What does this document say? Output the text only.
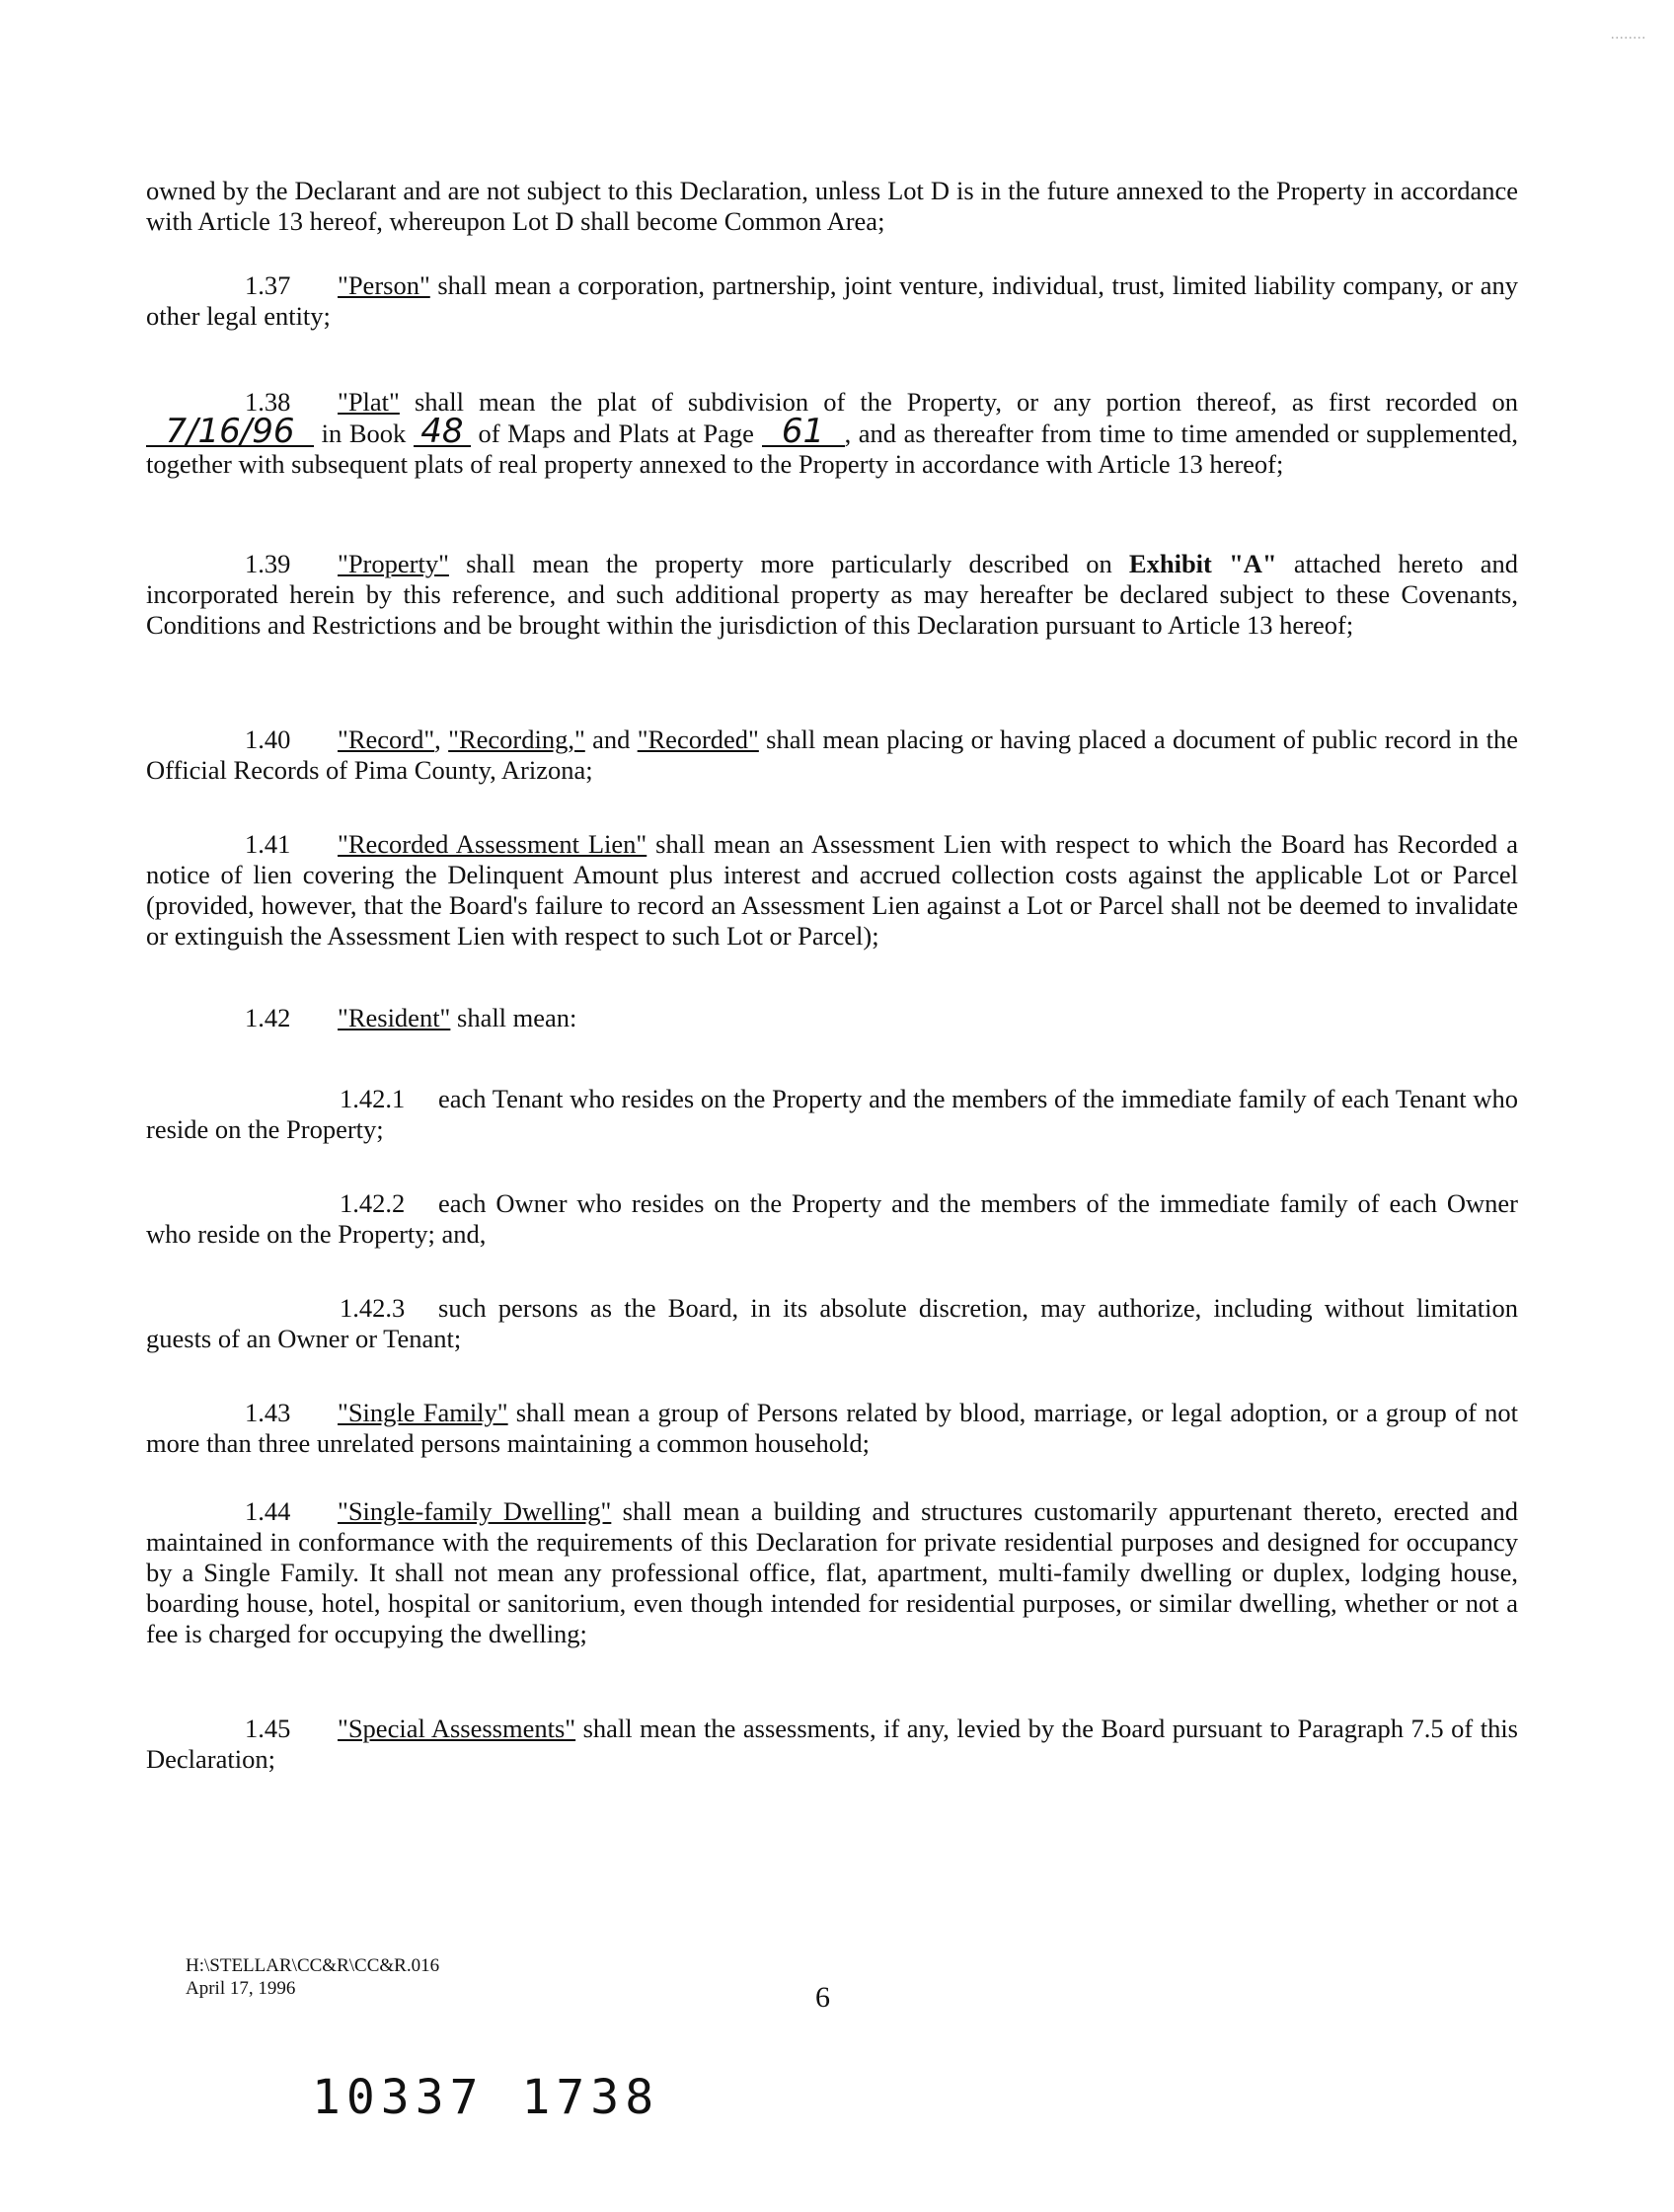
........
owned by the Declarant and are not subject to this Declaration, unless Lot D is in the future annexed to the Property in accordance with Article 13 hereof, whereupon Lot D shall become Common Area;
1.37 "Person" shall mean a corporation, partnership, joint venture, individual, trust, limited liability company, or any other legal entity;
1.38 "Plat" shall mean the plat of subdivision of the Property, or any portion thereof, as first recorded on 7/16/96 in Book 48 of Maps and Plats at Page 61 , and as thereafter from time to time amended or supplemented, together with subsequent plats of real property annexed to the Property in accordance with Article 13 hereof;
1.39 "Property" shall mean the property more particularly described on Exhibit "A" attached hereto and incorporated herein by this reference, and such additional property as may hereafter be declared subject to these Covenants, Conditions and Restrictions and be brought within the jurisdiction of this Declaration pursuant to Article 13 hereof;
1.40 "Record", "Recording," and "Recorded" shall mean placing or having placed a document of public record in the Official Records of Pima County, Arizona;
1.41 "Recorded Assessment Lien" shall mean an Assessment Lien with respect to which the Board has Recorded a notice of lien covering the Delinquent Amount plus interest and accrued collection costs against the applicable Lot or Parcel (provided, however, that the Board's failure to record an Assessment Lien against a Lot or Parcel shall not be deemed to invalidate or extinguish the Assessment Lien with respect to such Lot or Parcel);
1.42 "Resident" shall mean:
1.42.1 each Tenant who resides on the Property and the members of the immediate family of each Tenant who reside on the Property;
1.42.2 each Owner who resides on the Property and the members of the immediate family of each Owner who reside on the Property; and,
1.42.3 such persons as the Board, in its absolute discretion, may authorize, including without limitation guests of an Owner or Tenant;
1.43 "Single Family" shall mean a group of Persons related by blood, marriage, or legal adoption, or a group of not more than three unrelated persons maintaining a common household;
1.44 "Single-family Dwelling" shall mean a building and structures customarily appurtenant thereto, erected and maintained in conformance with the requirements of this Declaration for private residential purposes and designed for occupancy by a Single Family. It shall not mean any professional office, flat, apartment, multi-family dwelling or duplex, lodging house, boarding house, hotel, hospital or sanitorium, even though intended for residential purposes, or similar dwelling, whether or not a fee is charged for occupying the dwelling;
1.45 "Special Assessments" shall mean the assessments, if any, levied by the Board pursuant to Paragraph 7.5 of this Declaration;
H:\STELLAR\CC&R\CC&R.016
April 17, 1996	6
10337 1738
